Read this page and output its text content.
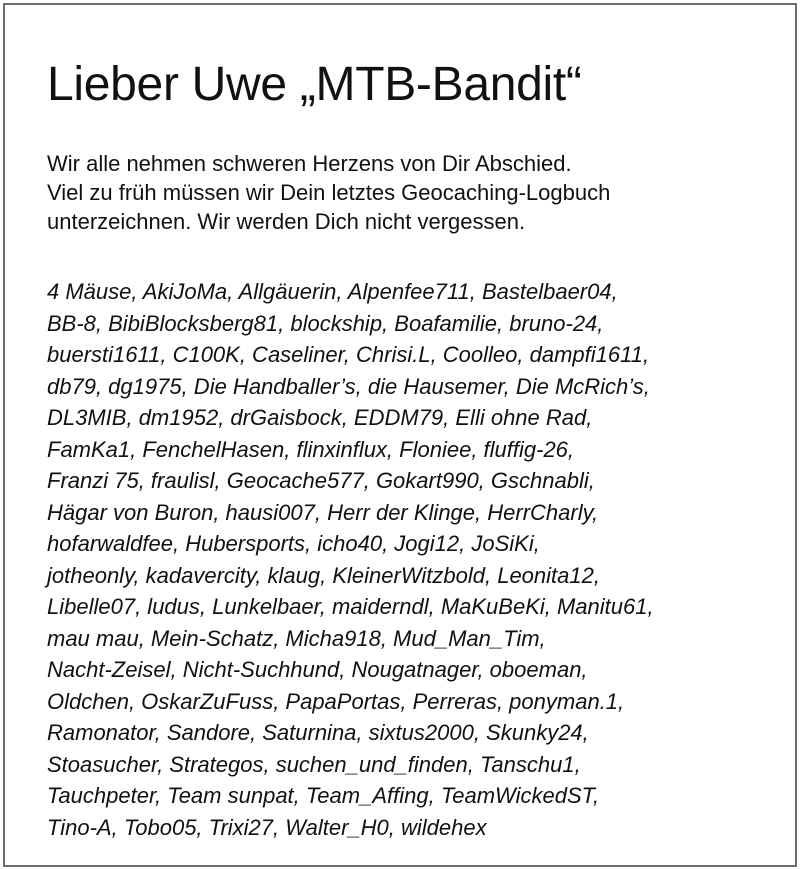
Lieber Uwe „MTB-Bandit“

Wir alle nehmen schweren Herzens von Dir Abschied.
Viel zu früh müssen wir Dein letztes Geocaching-Logbuch
unterzeichnen. Wir werden Dich nicht vergessen.

4 Mäuse, AkiJoMa, Allgäuerin, Alpenfee711, Bastelbaer04,
BB-8, BibiBlocksberg81, blockship, Boafamilie, bruno-24,
buersti1611, C100K, Caseliner, Chrisi.L, Coolleo, dampfi1611,
db79, dg1975, Die Handballer’s, die Hausemer, Die McRich’s,
DL3MIB, dm1952, drGaisbock, EDDM79, Elli ohne Rad,
FamKa1, FenchelHasen, flinxinflux, Floniee, fluffig-26,
Franzi 75, fraulisl, Geocache577, Gokart990, Gschnabli,
Hägar von Buron, hausi007, Herr der Klinge, HerrCharly,
hofarwaldfee, Hubersports, icho40, Jogi12, JoSiKi,
jotheonly, kadavercity, klaug, KleinerWitzbold, Leonita12,
Libelle07, ludus, Lunkelbaer, maiderndl, MaKuBeKi, Manitu61,
mau mau, Mein-Schatz, Micha918, Mud_Man_Tim,
Nacht-Zeisel, Nicht-Suchhund, Nougatnager, oboeman,
Oldchen, OskarZuFuss, PapaPortas, Perreras, ponyman.1,
Ramonator, Sandore, Saturnina, sixtus2000, Skunky24,
Stoasucher, Strategos, suchen_und_finden, Tanschu1,
Tauchpeter, Team sunpat, Team_Affing, TeamWickedST,
Tino-A, Tobo05, Trixi27, Walter_H0, wildehex
